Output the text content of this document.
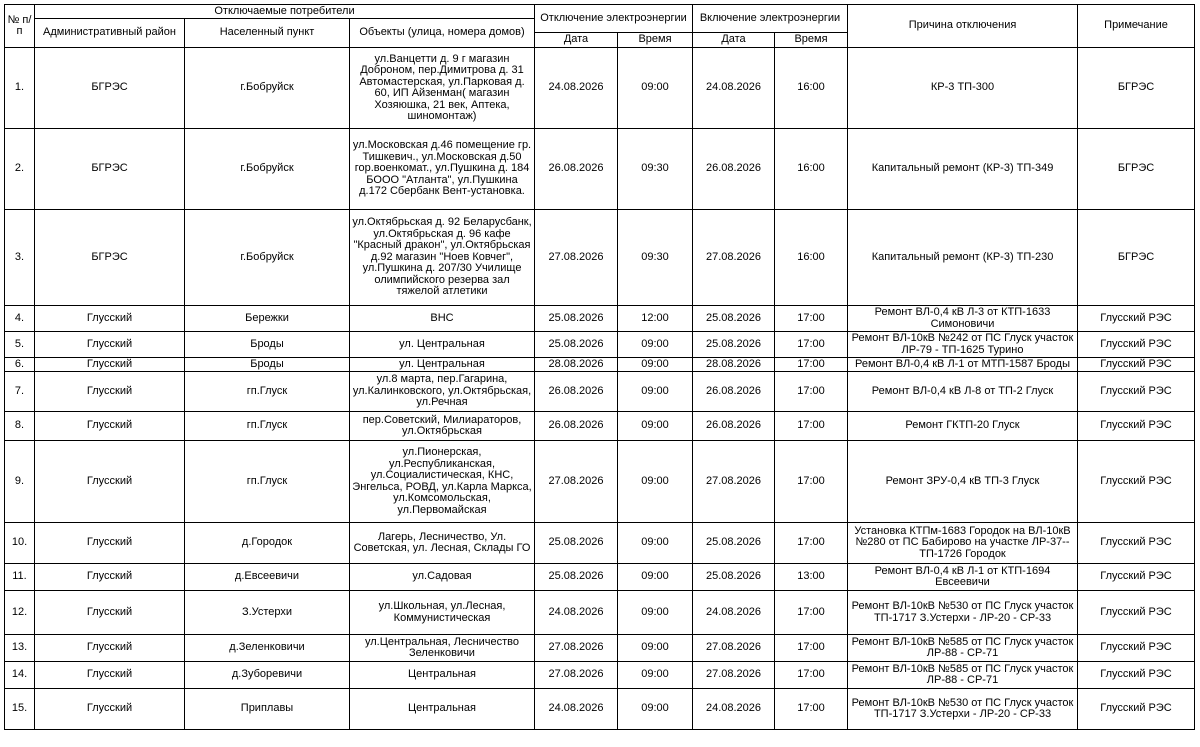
№ п/п	Отключаемые потребители			Отключение электроэнергии		Включение электроэнергии		Причина отключения	Примечание
	Административный район	Населенный пункт	Объекты (улица, номера домов)						
				Дата	Время	Дата	Время		
1.	БГРЭС	г.Бобруйск	ул.Ванцетти д. 9 г магазин Доброном, пер.Димитрова д. 31 Автомастерская, ул.Парковая д. 60, ИП Айзенман( магазин Хозяюшка, 21 век, Аптека, шиномонтаж)	24.08.2026	09:00	24.08.2026	16:00	КР-3 ТП-300	БГРЭС
2.	БГРЭС	г.Бобруйск	ул.Московская д.46 помещение гр. Тишкевич., ул.Московская д.50 гор.военкомат., ул.Пушкина д. 184 БООО "Атланта", ул.Пушкина д.172 Сбербанк Вент-установка.	26.08.2026	09:30	26.08.2026	16:00	Капитальный ремонт (КР-3) ТП-349	БГРЭС
3.	БГРЭС	г.Бобруйск	ул.Октябрьская д. 92 Беларусбанк, ул.Октябрьская д. 96 кафе "Красный дракон", ул.Октябрьская д.92 магазин "Ноев Ковчег", ул.Пушкина д. 207/30 Училище олимпийского резерва зал тяжелой атлетики	27.08.2026	09:30	27.08.2026	16:00	Капитальный ремонт (КР-3) ТП-230	БГРЭС
4.	Глусский	Бережки	ВНС	25.08.2026	12:00	25.08.2026	17:00	Ремонт ВЛ-0,4 кВ Л-3 от КТП-1633 Симоновичи	Глусский РЭС
5.	Глусский	Броды	ул. Центральная	25.08.2026	09:00	25.08.2026	17:00	Ремонт ВЛ-10кВ №242 от ПС Глуск участок ЛР-79 - ТП-1625 Турино	Глусский РЭС
6.	Глусский	Броды	ул. Центральная	28.08.2026	09:00	28.08.2026	17:00	Ремонт ВЛ-0,4 кВ Л-1 от МТП-1587 Броды	Глусский РЭС
7.	Глусский	гп.Глуск	ул.8 марта, пер.Гагарина, ул.Калинковского, ул.Октябрьская, ул.Речная	26.08.2026	09:00	26.08.2026	17:00	Ремонт ВЛ-0,4 кВ Л-8 от ТП-2 Глуск	Глусский РЭС
8.	Глусский	гп.Глуск	пер.Советский, Милиараторов, ул.Октябрьская	26.08.2026	09:00	26.08.2026	17:00	Ремонт ГКТП-20 Глуск	Глусский РЭС
9.	Глусский	гп.Глуск	ул.Пионерская, ул.Республиканская, ул.Социалистическая, КНС, Энгельса, РОВД, ул.Карла Маркса, ул.Комсомольская, ул.Первомайская	27.08.2026	09:00	27.08.2026	17:00	Ремонт ЗРУ-0,4 кВ ТП-3 Глуск	Глусский РЭС
10.	Глусский	д.Городок	Лагерь, Лесничество, Ул. Советская, ул. Лесная, Склады ГО	25.08.2026	09:00	25.08.2026	17:00	Установка КТПм-1683 Городок на ВЛ-10кВ №280 от ПС Бабирово на участке ЛР-37--ТП-1726 Городок	Глусский РЭС
11.	Глусский	д.Евсеевичи	ул.Садовая	25.08.2026	09:00	25.08.2026	13:00	Ремонт ВЛ-0,4 кВ Л-1 от КТП-1694 Евсеевичи	Глусский РЭС
12.	Глусский	З.Устерхи	ул.Школьная, ул.Лесная, Коммунистическая	24.08.2026	09:00	24.08.2026	17:00	Ремонт ВЛ-10кВ №530 от ПС Глуск участок ТП-1717 З.Устерхи - ЛР-20 - СР-33	Глусский РЭС
13.	Глусский	д.Зеленковичи	ул.Центральная, Лесничество Зеленковичи	27.08.2026	09:00	27.08.2026	17:00	Ремонт ВЛ-10кВ №585 от ПС Глуск участок ЛР-88 - СР-71	Глусский РЭС
14.	Глусский	д.Зуборевичи	Центральная	27.08.2026	09:00	27.08.2026	17:00	Ремонт ВЛ-10кВ №585 от ПС Глуск участок ЛР-88 - СР-71	Глусский РЭС
15.	Глусский	Приплавы	Центральная	24.08.2026	09:00	24.08.2026	17:00	Ремонт ВЛ-10кВ №530 от ПС Глуск участок ТП-1717 З.Устерхи - ЛР-20 - СР-33	Глусский РЭС
